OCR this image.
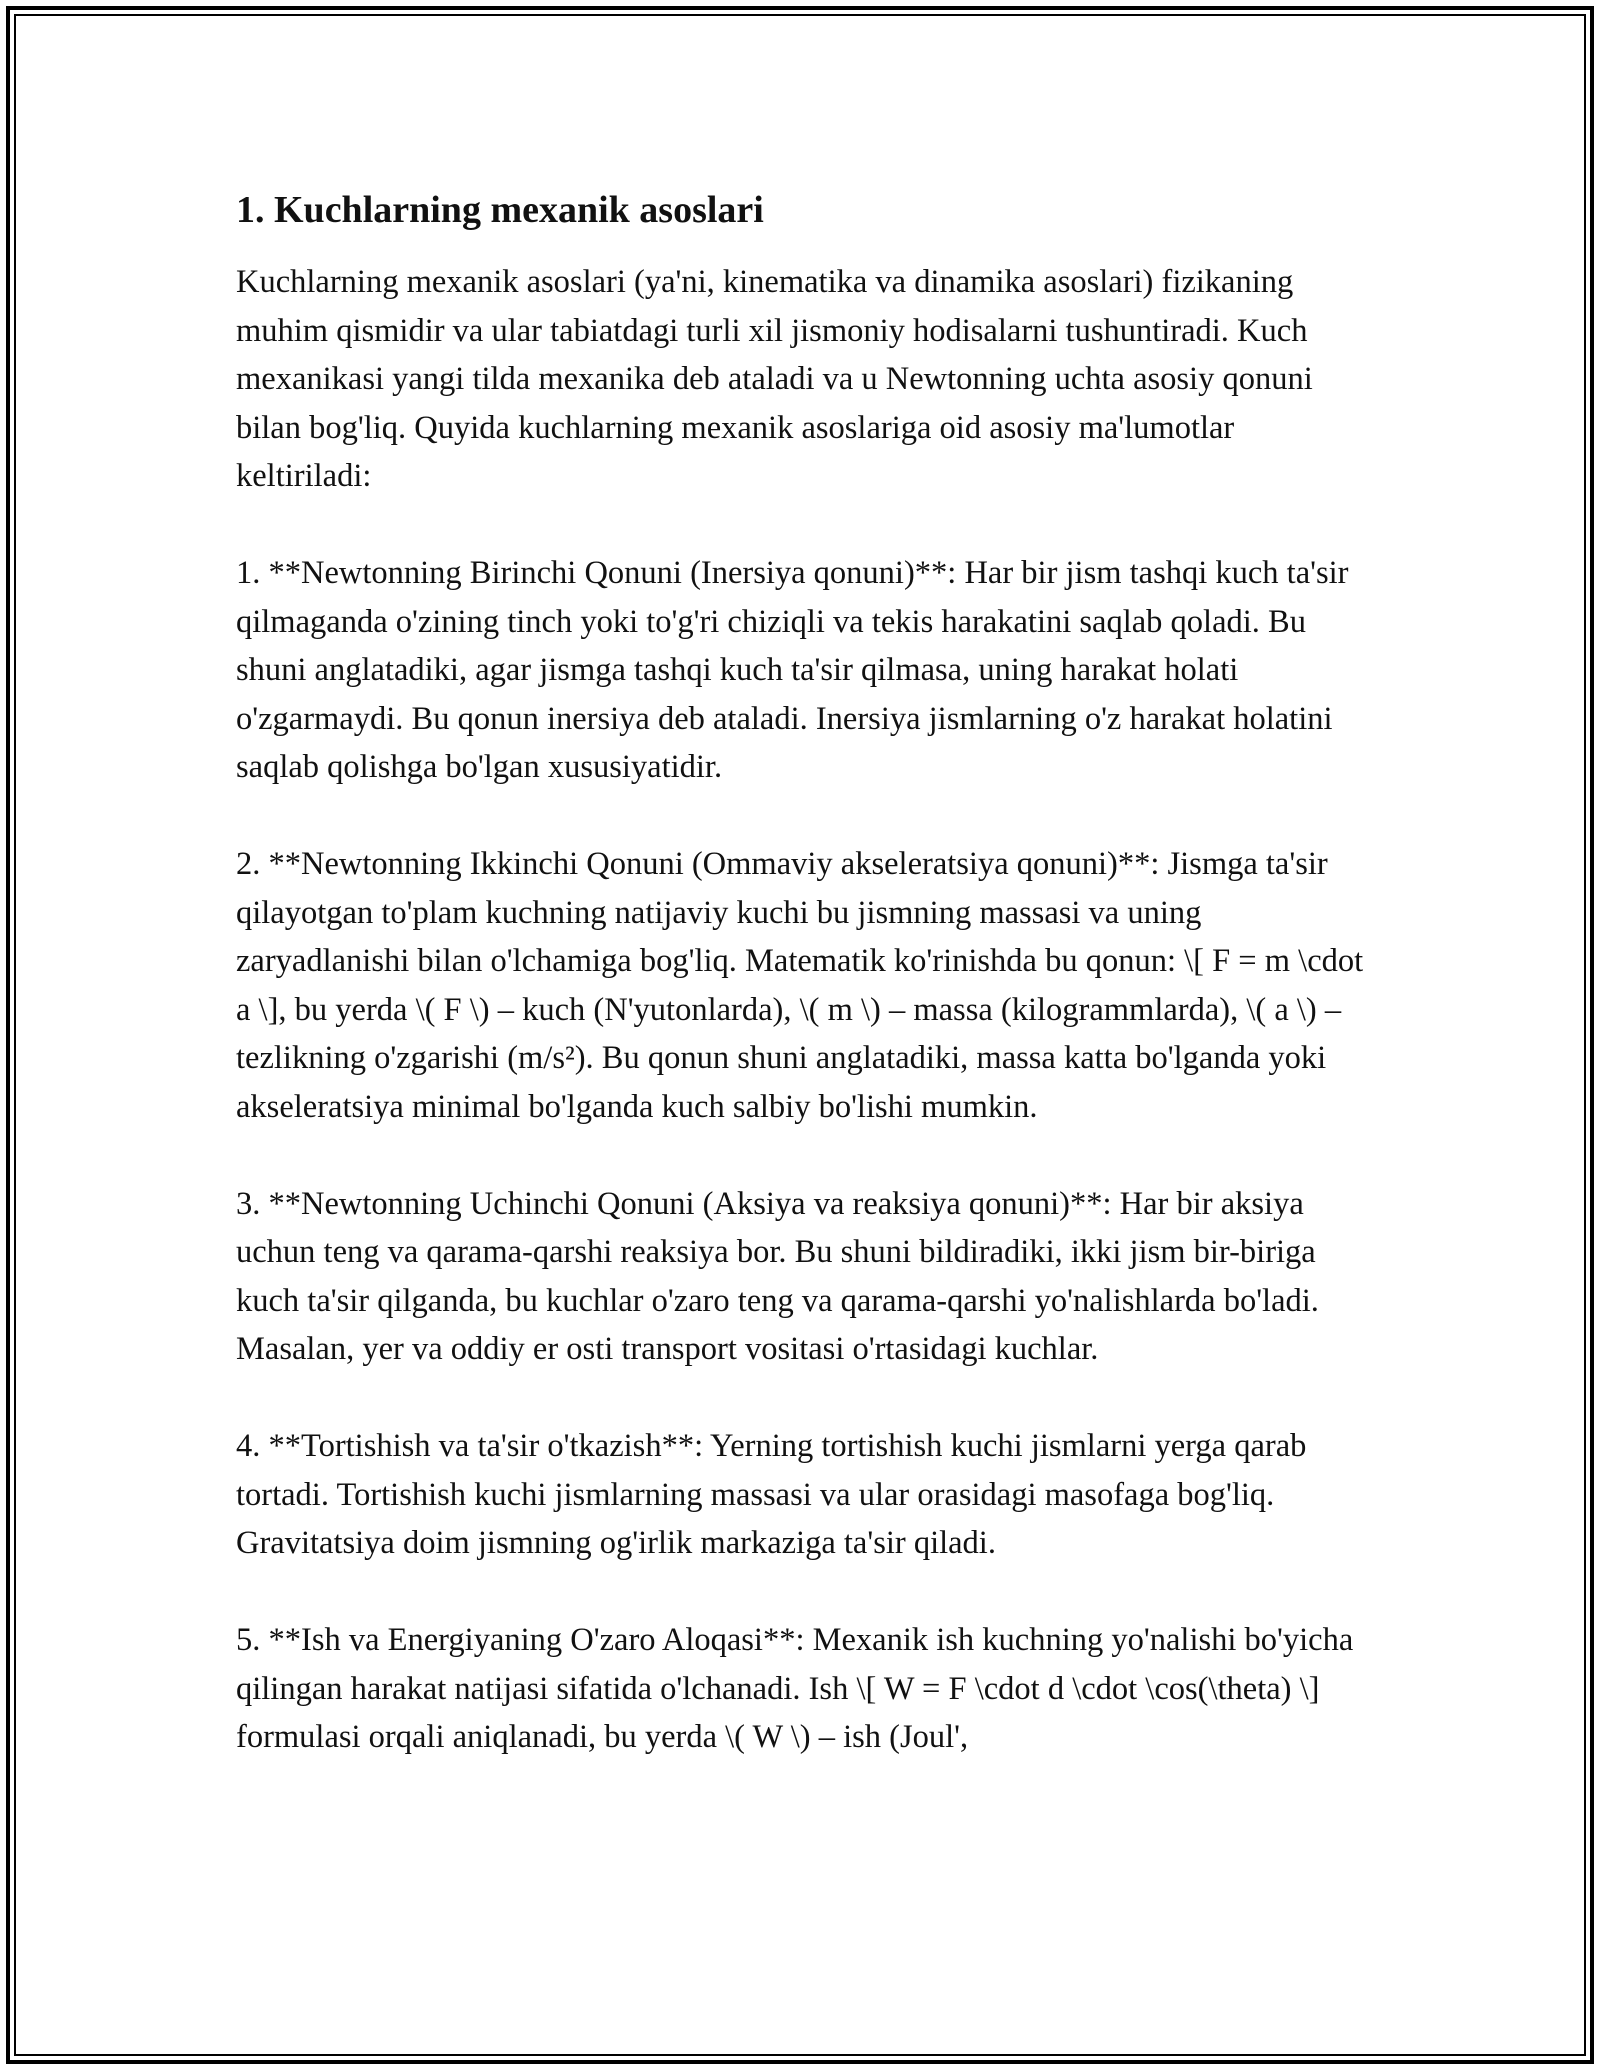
1. Kuchlarning mexanik asoslari

Kuchlarning mexanik asoslari (ya'ni, kinematika va dinamika asoslari) fizikaning muhim qismidir va ular tabiatdagi turli xil jismoniy hodisalarni tushuntiradi. Kuch mexanikasi yangi tilda mexanika deb ataladi va u Newtonning uchta asosiy qonuni bilan bog'liq. Quyida kuchlarning mexanik asoslariga oid asosiy ma'lumotlar keltiriladi:

1. **Newtonning Birinchi Qonuni (Inersiya qonuni)**: Har bir jism tashqi kuch ta'sir qilmaganda o'zining tinch yoki to'g'ri chiziqli va tekis harakatini saqlab qoladi. Bu shuni anglatadiki, agar jismga tashqi kuch ta'sir qilmasa, uning harakat holati o'zgarmaydi. Bu qonun inersiya deb ataladi. Inersiya jismlarning o'z harakat holatini saqlab qolishga bo'lgan xususiyatidir.

2. **Newtonning Ikkinchi Qonuni (Ommaviy akseleratsiya qonuni)**: Jismga ta'sir qilayotgan to'plam kuchning natijaviy kuchi bu jismning massasi va uning zaryadlanishi bilan o'lchamiga bog'liq. Matematik ko'rinishda bu qonun: \[ F = m \cdot a \], bu yerda \( F \) – kuch (N'yutonlarda), \( m \) – massa (kilogrammlarda), \( a \) – tezlikning o'zgarishi (m/s²). Bu qonun shuni anglatadiki, massa katta bo'lganda yoki akseleratsiya minimal bo'lganda kuch salbiy bo'lishi mumkin.

3. **Newtonning Uchinchi Qonuni (Aksiya va reaksiya qonuni)**: Har bir aksiya uchun teng va qarama-qarshi reaksiya bor. Bu shuni bildiradiki, ikki jism bir-biriga kuch ta'sir qilganda, bu kuchlar o'zaro teng va qarama-qarshi yo'nalishlarda bo'ladi. Masalan, yer va oddiy er osti transport vositasi o'rtasidagi kuchlar.

4. **Tortishish va ta'sir o'tkazish**: Yerning tortishish kuchi jismlarni yerga qarab tortadi. Tortishish kuchi jismlarning massasi va ular orasidagi masofaga bog'liq. Gravitatsiya doim jismning og'irlik markaziga ta'sir qiladi.

5. **Ish va Energiyaning O'zaro Aloqasi**: Mexanik ish kuchning yo'nalishi bo'yicha qilingan harakat natijasi sifatida o'lchanadi. Ish \[ W = F \cdot d \cdot \cos(\theta) \] formulasi orqali aniqlanadi, bu yerda \( W \) – ish (Joul',
